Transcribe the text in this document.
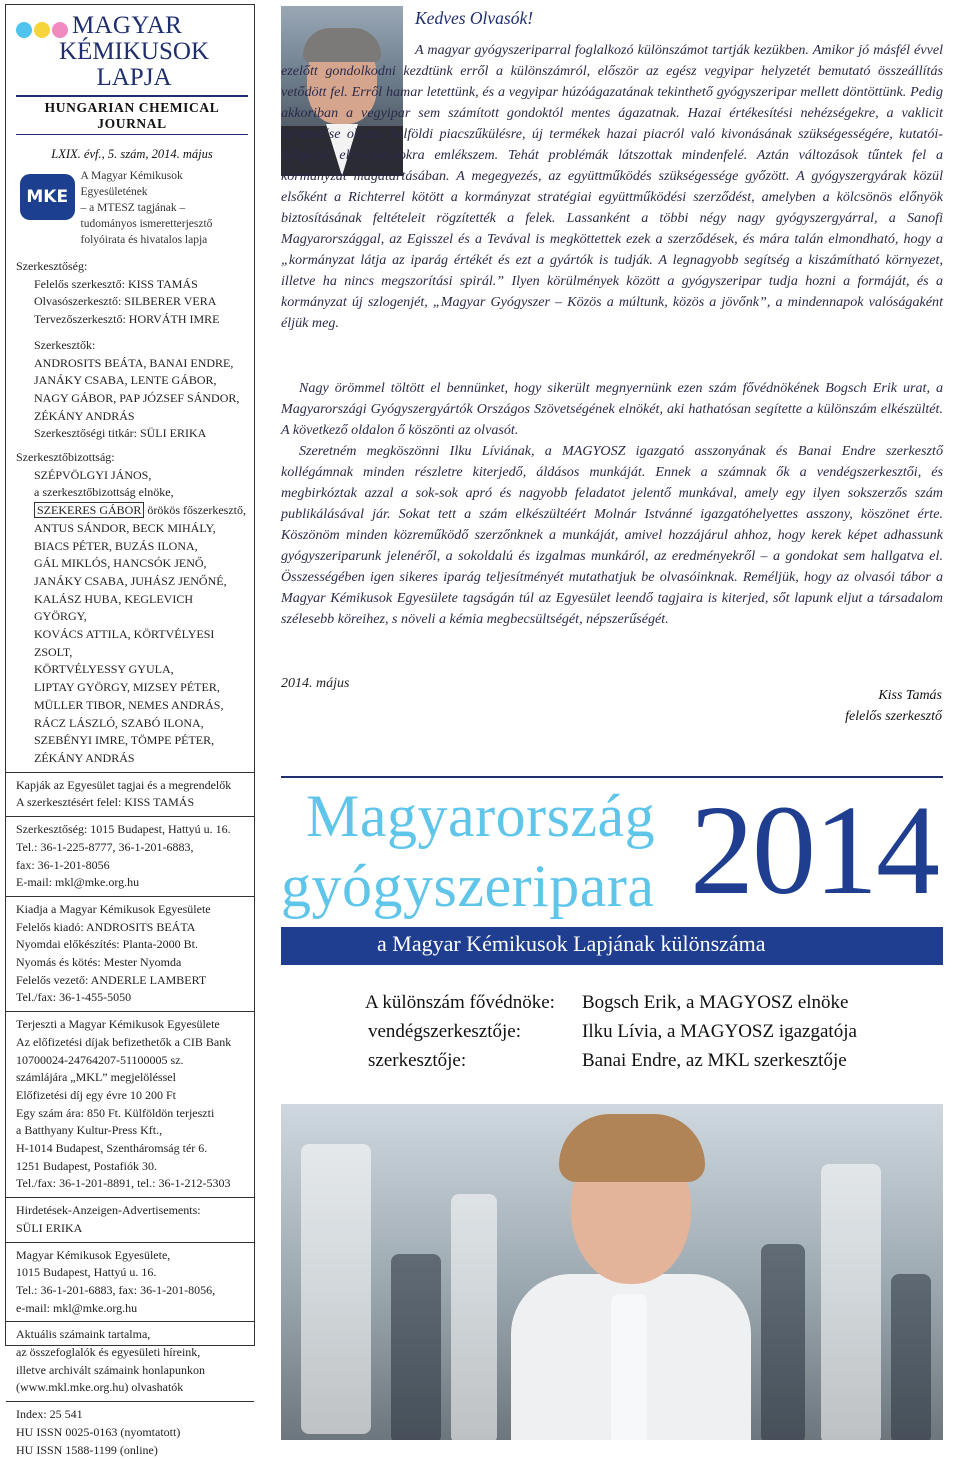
MAGYAR
KÉMIKUSOK LAPJA
HUNGARIAN CHEMICAL JOURNAL
LXIX. évf., 5. szám, 2014. május
MKE
A Magyar Kémikusok Egyesületének
– a MTESZ tagjának –
tudományos ismeretterjesztő
folyóirata és hivatalos lapja
Szerkesztőség:
Felelős szerkesztő: KISS TAMÁS
Olvasószerkesztő: SILBERER VERA
Tervezőszerkesztő: HORVÁTH IMRE
Szerkesztők:
ANDROSITS BEÁTA, BANAI ENDRE,
JANÁKY CSABA, LENTE GÁBOR,
NAGY GÁBOR, PAP JÓZSEF SÁNDOR,
ZÉKÁNY ANDRÁS
Szerkesztőségi titkár: SÜLI ERIKA
Szerkesztőbizottság:
SZÉPVÖLGYI JÁNOS,
a szerkesztőbizottság elnöke,
SZEKERES GÁBOR örökös főszerkesztő,
ANTUS SÁNDOR, BECK MIHÁLY,
BIACS PÉTER, BUZÁS ILONA,
GÁL MIKLÓS, HANCSÓK JENŐ,
JANÁKY CSABA, JUHÁSZ JENŐNÉ,
KALÁSZ HUBA, KEGLEVICH GYÖRGY,
KOVÁCS ATTILA, KÖRTVÉLYESI ZSOLT,
KÖRTVÉLYESSY GYULA,
LIPTAY GYÖRGY, MIZSEY PÉTER,
MÜLLER TIBOR, NEMES ANDRÁS,
RÁCZ LÁSZLÓ, SZABÓ ILONA,
SZEBÉNYI IMRE, TÖMPE PÉTER,
ZÉKÁNY ANDRÁS
Kapják az Egyesület tagjai és a megrendelők
A szerkesztésért felel: KISS TAMÁS
Szerkesztőség: 1015 Budapest, Hattyú u. 16.
Tel.: 36-1-225-8777, 36-1-201-6883,
fax: 36-1-201-8056
E-mail: mkl@mke.org.hu
Kiadja a Magyar Kémikusok Egyesülete
Felelős kiadó: ANDROSITS BEÁTA
Nyomdai előkészítés: Planta-2000 Bt.
Nyomás és kötés: Mester Nyomda
Felelős vezető: ANDERLE LAMBERT
Tel./fax: 36-1-455-5050
Terjeszti a Magyar Kémikusok Egyesülete
Az előfizetési díjak befizethetők a CIB Bank
10700024-24764207-51100005 sz.
számlájára „MKL” megjelöléssel
Előfizetési díj egy évre 10 200 Ft
Egy szám ára: 850 Ft. Külföldön terjeszti
a Batthyany Kultur-Press Kft.,
H-1014 Budapest, Szentháromság tér 6.
1251 Budapest, Postafiók 30.
Tel./fax: 36-1-201-8891, tel.: 36-1-212-5303
Hirdetések-Anzeigen-Advertisements:
SÜLI ERIKA
Magyar Kémikusok Egyesülete,
1015 Budapest, Hattyú u. 16.
Tel.: 36-1-201-6883, fax: 36-1-201-8056,
e-mail: mkl@mke.org.hu
Aktuális számaink tartalma,
az összefoglalók és egyesületi híreink,
illetve archivált számaink honlapunkon
(www.mkl.mke.org.hu) olvashatók
Index: 25 541
HU ISSN 0025-0163 (nyomtatott)
HU ISSN 1588-1199 (online)
Kedves Olvasók!
A magyar gyógyszeriparral foglalkozó különszámot tartják kezükben. Amikor jó másfél évvel ezelőtt gondolkodni kezdtünk erről a különszámról, először az egész vegyipar helyzetét bemutató összeállítás vetődött fel. Erről hamar letettünk, és a vegyipar húzóágazatának tekinthető gyógyszeripar mellett döntöttünk. Pedig akkoriban a vegyipar sem számított gondoktól mentes ágazatnak. Hazai értékesítési nehézségekre, a vaklicit bevezetése okozta belföldi piacszűkülésre, új termékek hazai piacról való kivonásának szükségességére, kutatói-dolgozói elbocsátásokra emlékszem. Tehát problémák látszottak mindenfelé. Aztán változások tűntek fel a kormányzat magatartásában. A megegyezés, az együttműködés szükségessége győzött. A gyógyszergyárak közül elsőként a Richterrel kötött a kormányzat stratégiai együttműködési szerződést, amelyben a kölcsönös előnyök biztosításának feltételeit rögzítették a felek. Lassanként a többi négy nagy gyógyszergyárral, a Sanofi Magyarországgal, az Egisszel és a Tevával is megköttettek ezek a szerződések, és mára talán elmondható, hogy a „kormányzat látja az iparág értékét és ezt a gyártók is tudják. A legnagyobb segítség a kiszámítható környezet, illetve ha nincs megszorítási spirál.” Ilyen körülmények között a gyógyszeripar tudja hozni a formáját, és a kormányzat új szlogenjét, „Magyar Gyógyszer – Közös a múltunk, közös a jövőnk”, a mindennapok valóságaként éljük meg.
Nagy örömmel töltött el bennünket, hogy sikerült megnyernünk ezen szám fővédnökének Bogsch Erik urat, a Magyarországi Gyógyszergyártók Országos Szövetségének elnökét, aki hathatósan segítette a különszám elkészültét. A következő oldalon ő köszönti az olvasót.
Szeretném megköszönni Ilku Líviának, a MAGYOSZ igazgató asszonyának és Banai Endre szerkesztő kollégámnak minden részletre kiterjedő, áldásos munkáját. Ennek a számnak ők a vendégszerkesztői, és megbirkóztak azzal a sok-sok apró és nagyobb feladatot jelentő munkával, amely egy ilyen sokszerzős szám publikálásával jár. Sokat tett a szám elkészültéért Molnár Istvánné igazgatóhelyettes asszony, köszönet érte. Köszönöm minden közreműködő szerzőnknek a munkáját, amivel hozzájárul ahhoz, hogy kerek képet adhassunk gyógyszeriparunk jelenéről, a sokoldalú és izgalmas munkáról, az eredményekről – a gondokat sem hallgatva el. Összességében igen sikeres iparág teljesítményét mutathatjuk be olvasóinknak. Reméljük, hogy az olvasói tábor a Magyar Kémikusok Egyesülete tagságán túl az Egyesület leendő tagjaira is kiterjed, sőt lapunk eljut a társadalom szélesebb köreihez, s növeli a kémia megbecsültségét, népszerűségét.
2014. május
Kiss Tamás
felelős szerkesztő
Magyarország
gyógyszeripara 2014
a Magyar Kémikusok Lapjának különszáma
A különszám fővédnöke: Bogsch Erik, a MAGYOSZ elnöke
vendégszerkesztője:	Ilku Lívia, a MAGYOSZ igazgatója
szerkesztője:	Banai Endre, az MKL szerkesztője
